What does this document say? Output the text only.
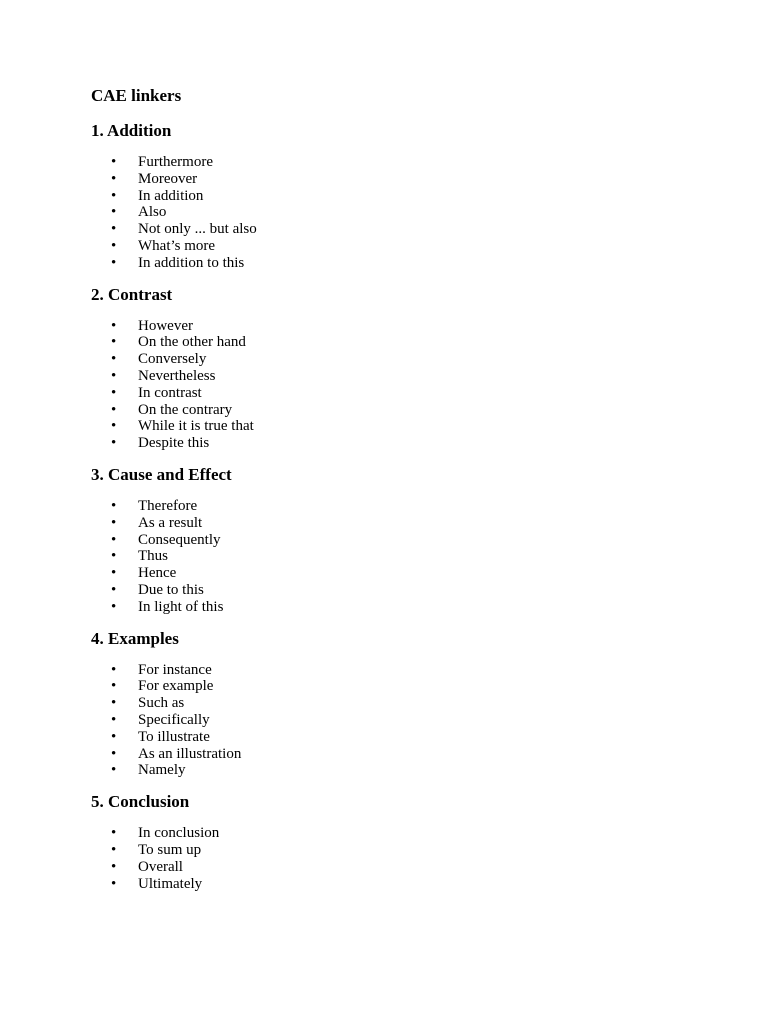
CAE linkers
1. Addition
• Furthermore
• Moreover
• In addition
• Also
• Not only ... but also
• What’s more
• In addition to this
2. Contrast
• However
• On the other hand
• Conversely
• Nevertheless
• In contrast
• On the contrary
• While it is true that
• Despite this
3. Cause and Effect
• Therefore
• As a result
• Consequently
• Thus
• Hence
• Due to this
• In light of this
4. Examples
• For instance
• For example
• Such as
• Specifically
• To illustrate
• As an illustration
• Namely
5. Conclusion
• In conclusion
• To sum up
• Overall
• Ultimately
